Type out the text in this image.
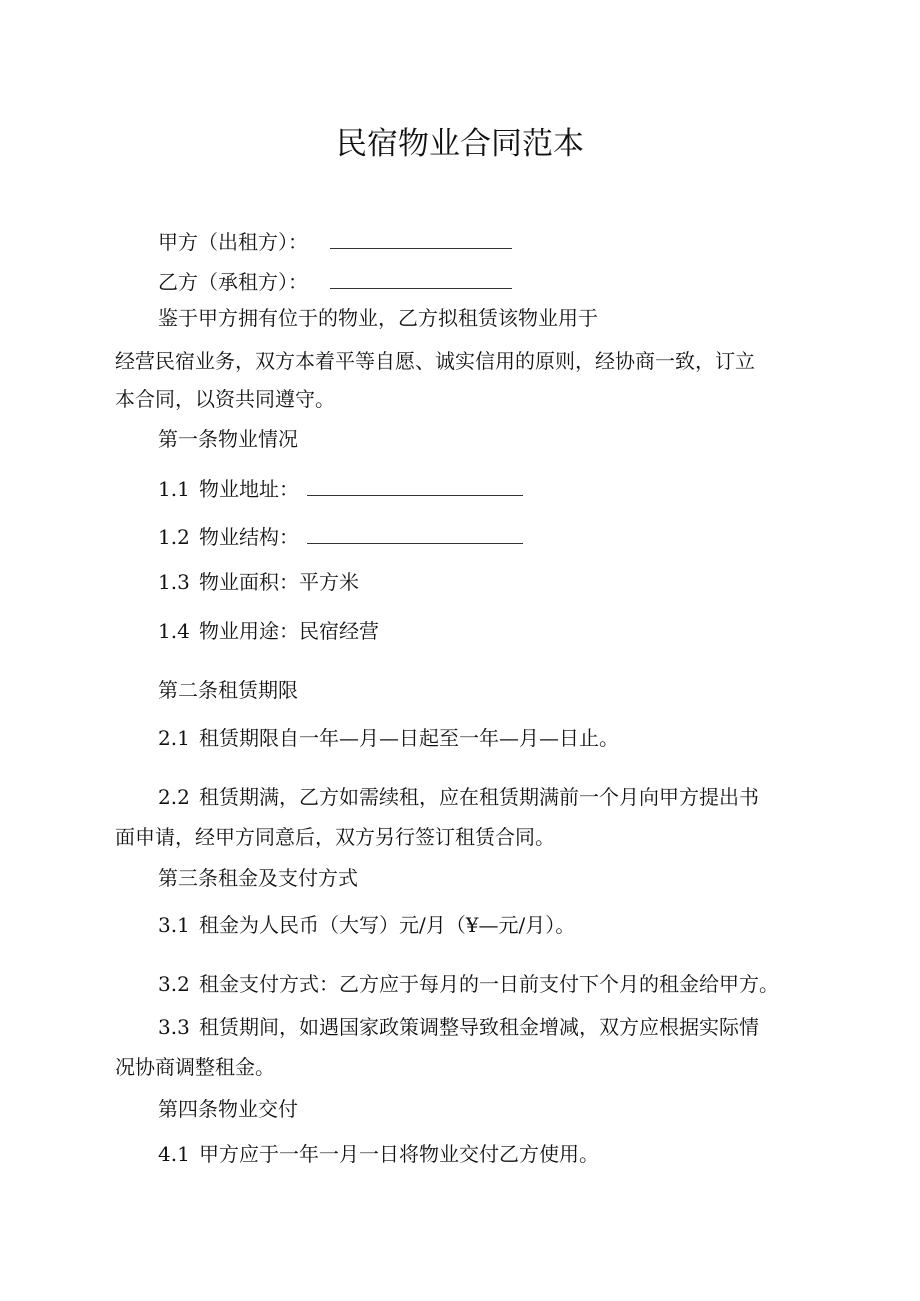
民宿物业合同范本
甲方（出租方）：
乙方（承租方）：
鉴于甲方拥有位于的物业，乙方拟租赁该物业用于
经营民宿业务，双方本着平等自愿、诚实信用的原则，经协商一致，订立
本合同，以资共同遵守。
第一条物业情况
1.1 物业地址：
1.2 物业结构：
1.3 物业面积：平方米
1.4 物业用途：民宿经营
第二条租赁期限
2.1 租赁期限自一年—月—日起至一年—月—日止。
2.2 租赁期满，乙方如需续租，应在租赁期满前一个月向甲方提出书
面申请，经甲方同意后，双方另行签订租赁合同。
第三条租金及支付方式
3.1 租金为人民币（大写）元/月（¥—元/月）。
3.2 租金支付方式：乙方应于每月的一日前支付下个月的租金给甲方。
3.3 租赁期间，如遇国家政策调整导致租金增减，双方应根据实际情
况协商调整租金。
第四条物业交付
4.1 甲方应于一年一月一日将物业交付乙方使用。
